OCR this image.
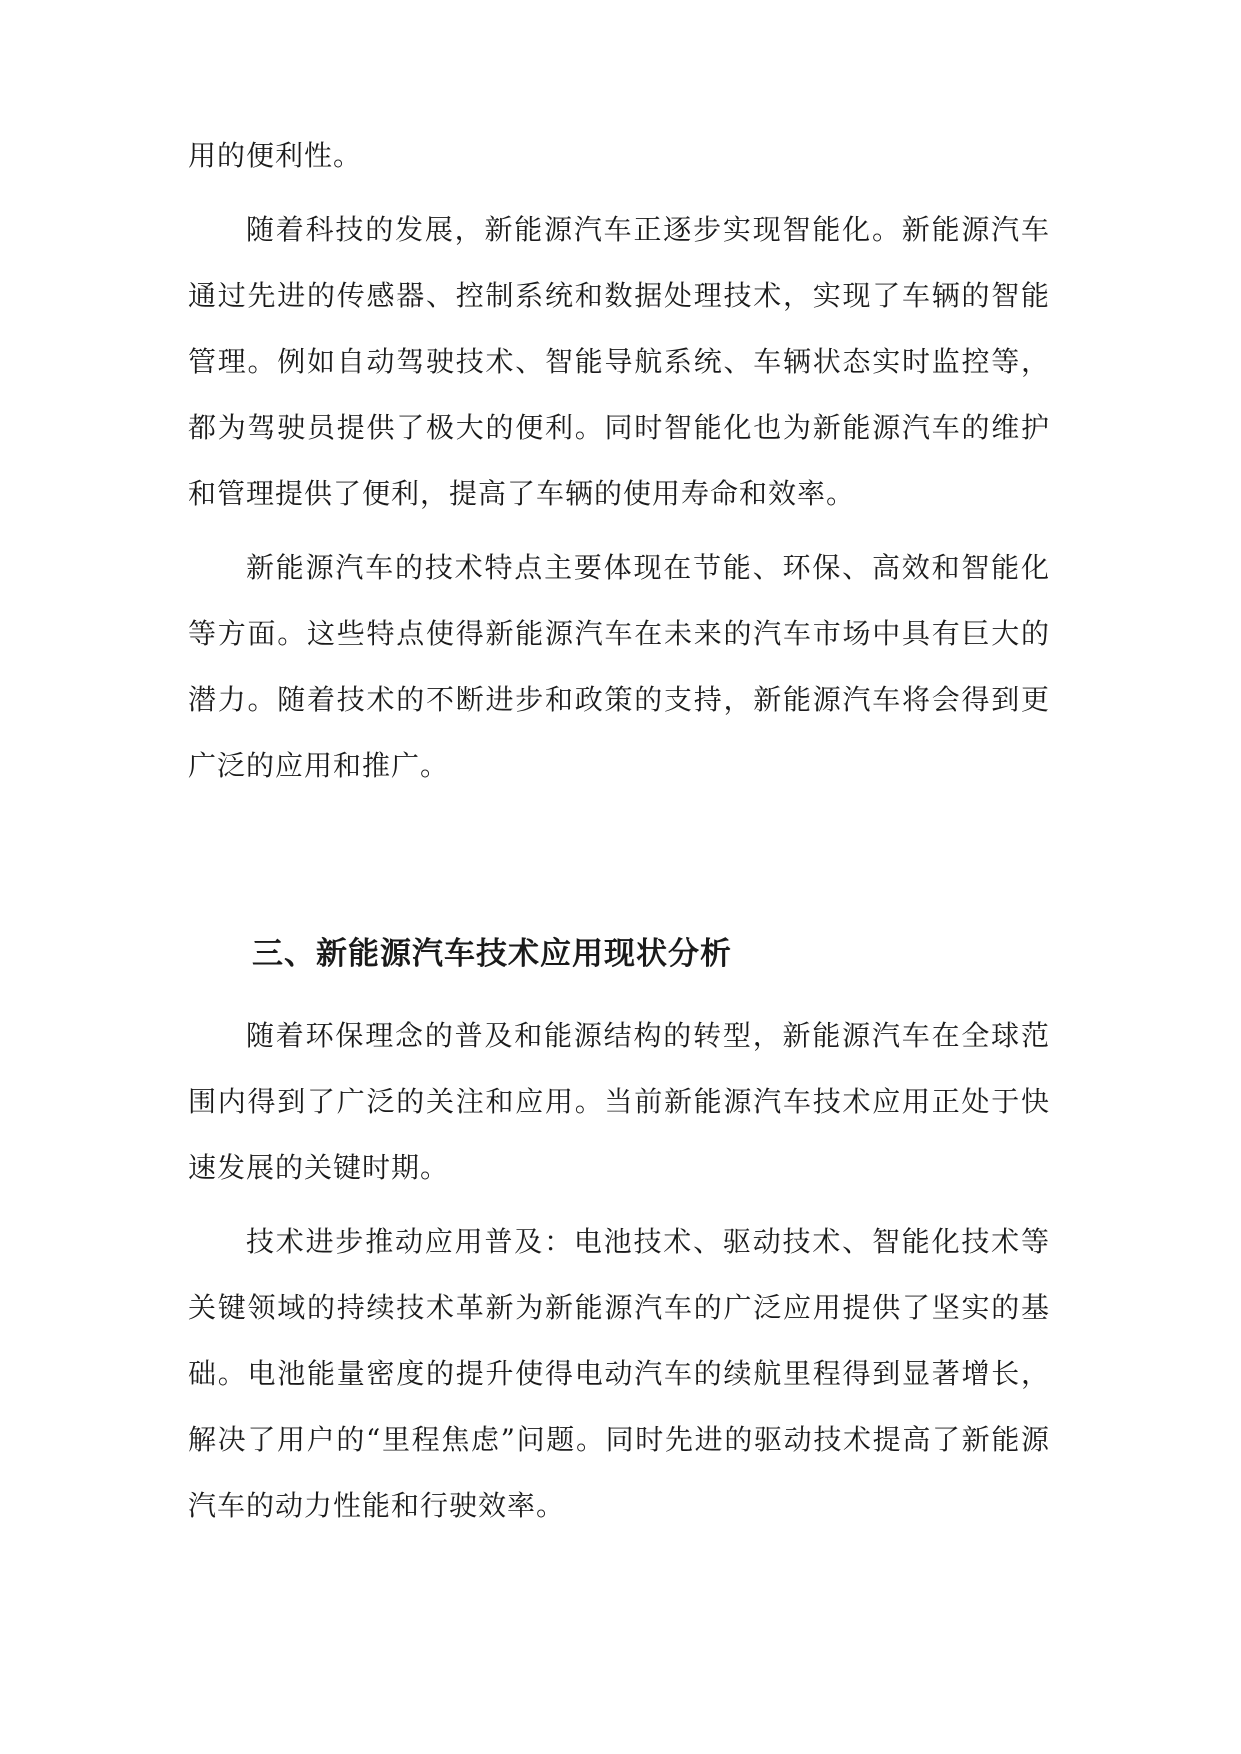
用的便利性。

随着科技的发展，新能源汽车正逐步实现智能化。新能源汽车通过先进的传感器、控制系统和数据处理技术，实现了车辆的智能管理。例如自动驾驶技术、智能导航系统、车辆状态实时监控等，都为驾驶员提供了极大的便利。同时智能化也为新能源汽车的维护和管理提供了便利，提高了车辆的使用寿命和效率。

新能源汽车的技术特点主要体现在节能、环保、高效和智能化等方面。这些特点使得新能源汽车在未来的汽车市场中具有巨大的潜力。随着技术的不断进步和政策的支持，新能源汽车将会得到更广泛的应用和推广。

三、新能源汽车技术应用现状分析

随着环保理念的普及和能源结构的转型，新能源汽车在全球范围内得到了广泛的关注和应用。当前新能源汽车技术应用正处于快速发展的关键时期。

技术进步推动应用普及：电池技术、驱动技术、智能化技术等关键领域的持续技术革新为新能源汽车的广泛应用提供了坚实的基础。电池能量密度的提升使得电动汽车的续航里程得到显著增长，解决了用户的“里程焦虑”问题。同时先进的驱动技术提高了新能源汽车的动力性能和行驶效率。
